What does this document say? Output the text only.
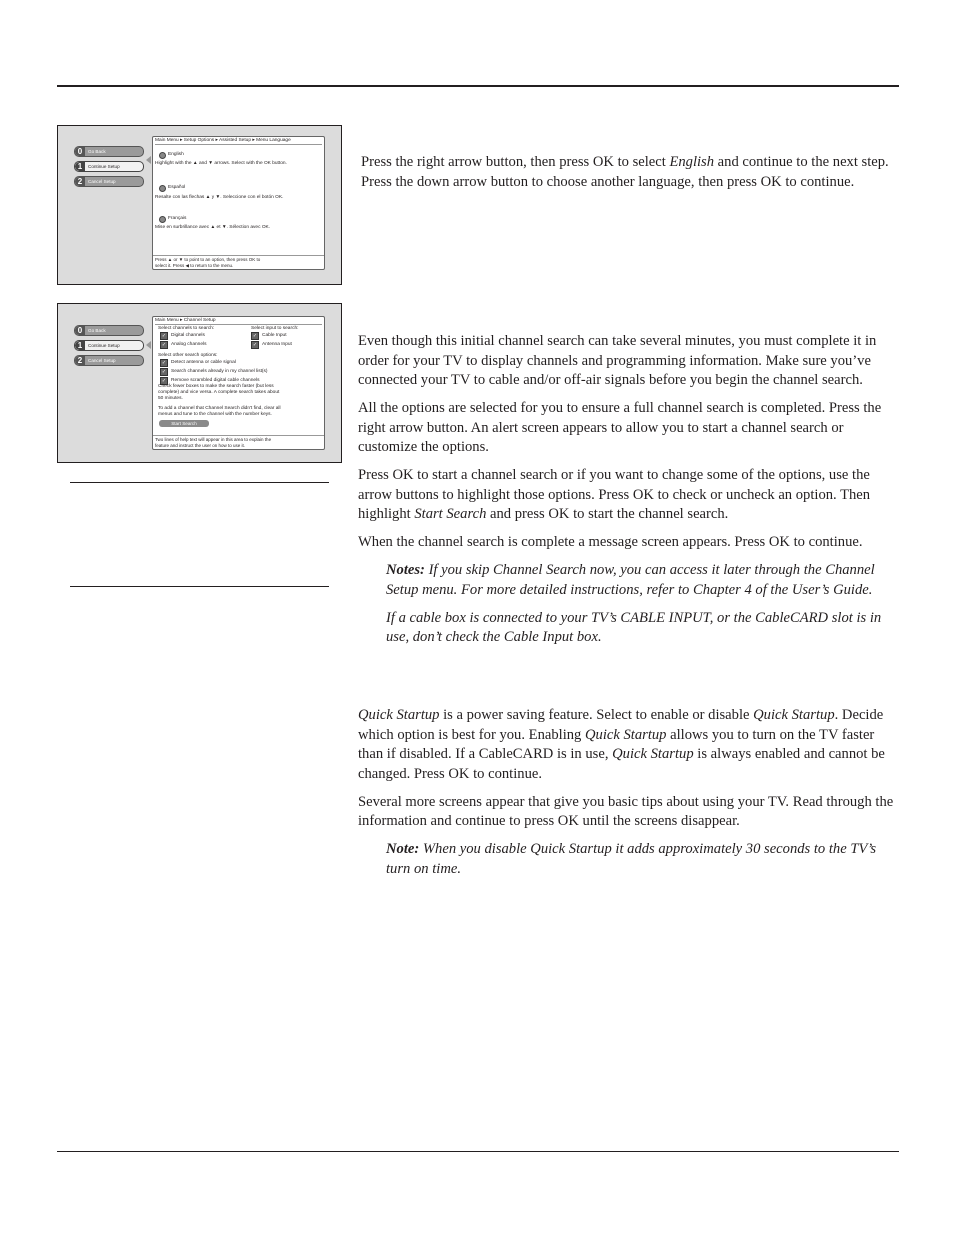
0	Go Back
1	Continue Setup
2	Cancel Setup
Main Menu ▸ Setup Options ▸ Assisted Setup ▸ Menu Language
English
Highlight with the ▲ and ▼ arrows. Select with the OK button.
Español
Resalte con las flechas ▲ y ▼. Seleccione con el botón OK.
Français
Mise en surbrillance avec ▲ et ▼. Sélection avec OK.
Press ▲ or ▼ to point to an option, then press OK to
select it. Press ◀ to return to the menu.
0	Go Back
1	Continue Setup
2	Cancel Setup
Main Menu ▸ Channel Setup
Select channels to search:	Select input to search:
✓	Digital channels
✓	Analog channels
✓	Cable Input
✓	Antenna Input
Select other search options:
✓	Detect antenna or cable signal
✓	Search channels already in my channel list(s)
✓	Remove scrambled digital cable channels
Check fewer boxes to make the search faster (but less
complete) and vice versa. A complete search takes about
50 minutes.
To add a channel that Channel Search didn't find, clear all
menus and tune to the channel with the number keys.
Start Search
Two lines of help text will appear in this area to explain the
feature and instruct the user on how to use it.

Press the right arrow button, then press OK to select English and continue to the next step. Press the down arrow button to choose another language, then press OK to continue.

Even though this initial channel search can take several minutes, you must complete it in order for your TV to display channels and programming information. Make sure you’ve connected your TV to cable and/or off-air signals before you begin the channel search.

All the options are selected for you to ensure a full channel search is completed. Press the right arrow button. An alert screen appears to allow you to start a channel search or customize the options.

Press OK to start a channel search or if you want to change some of the options, use the arrow buttons to highlight those options. Press OK to check or uncheck an option. Then highlight Start Search and press OK to start the channel search.

When the channel search is complete a message screen appears. Press OK to continue.

Notes: If you skip Channel Search now, you can access it later through the Channel Setup menu. For more detailed instructions, refer to Chapter 4 of the User’s Guide.

If a cable box is connected to your TV’s CABLE INPUT, or the CableCARD slot is in use, don’t check the Cable Input box.

Quick Startup is a power saving feature. Select to enable or disable Quick Startup. Decide which option is best for you. Enabling Quick Startup allows you to turn on the TV faster than if disabled. If a CableCARD is in use, Quick Startup is always enabled and cannot be changed. Press OK to continue.

Several more screens appear that give you basic tips about using your TV. Read through the information and continue to press OK until the screens disappear.

Note: When you disable Quick Startup it adds approximately 30 seconds to the TV’s turn on time.
